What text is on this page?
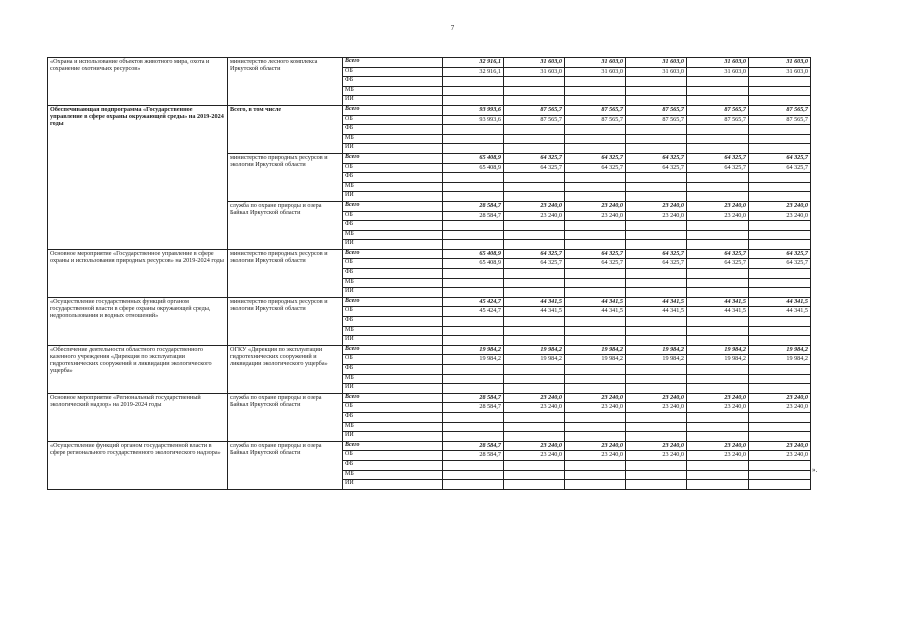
7
«Охрана и использование объектов животного мира, охота и сохранение охотничьих ресурсов»	министерство лесного комплекса Иркутской области	Всего	32 916,1	31 603,0	31 603,0	31 603,0	31 603,0	31 603,0
		ОБ	32 916,1	31 603,0	31 603,0	31 603,0	31 603,0	31 603,0
		ФБ						
		МБ						
		ИИ						
Обеспечивающая подпрограмма «Государственное управление в сфере охраны окружающей среды» на 2019-2024 годы	Всего, в том числе	Всего	93 993,6	87 565,7	87 565,7	87 565,7	87 565,7	87 565,7
		ОБ	93 993,6	87 565,7	87 565,7	87 565,7	87 565,7	87 565,7
		ФБ						
		МБ						
		ИИ						
	министерство природных ресурсов и экологии Иркутской области	Всего	65 408,9	64 325,7	64 325,7	64 325,7	64 325,7	64 325,7
		ОБ	65 408,9	64 325,7	64 325,7	64 325,7	64 325,7	64 325,7
		ФБ						
		МБ						
		ИИ						
	служба по охране природы и озера Байкал Иркутской области	Всего	28 584,7	23 240,0	23 240,0	23 240,0	23 240,0	23 240,0
		ОБ	28 584,7	23 240,0	23 240,0	23 240,0	23 240,0	23 240,0
		ФБ						
		МБ						
		ИИ						
Основное мероприятие «Государственное управление в сфере охраны и использования природных ресурсов» на 2019-2024 годы	министерство природных ресурсов и экологии Иркутской области	Всего	65 408,9	64 325,7	64 325,7	64 325,7	64 325,7	64 325,7
		ОБ	65 408,9	64 325,7	64 325,7	64 325,7	64 325,7	64 325,7
		ФБ						
		МБ						
		ИИ						
«Осуществление государственных функций органом государственной власти в сфере охраны окружающей среды, недропользования и водных отношений»	министерство природных ресурсов и экологии Иркутской области	Всего	45 424,7	44 341,5	44 341,5	44 341,5	44 341,5	44 341,5
		ОБ	45 424,7	44 341,5	44 341,5	44 341,5	44 341,5	44 341,5
		ФБ						
		МБ						
		ИИ						
«Обеспечение деятельности областного государственного казенного учреждения «Дирекция по эксплуатации гидротехнических сооружений и ликвидации экологического ущерба»	ОГКУ «Дирекция по эксплуатации гидротехнических сооружений и ликвидации экологического ущерба»	Всего	19 984,2	19 984,2	19 984,2	19 984,2	19 984,2	19 984,2
		ОБ	19 984,2	19 984,2	19 984,2	19 984,2	19 984,2	19 984,2
		ФБ						
		МБ						
		ИИ						
Основное мероприятие «Региональный государственный экологический надзор» на 2019-2024 годы	служба по охране природы и озера Байкал Иркутской области	Всего	28 584,7	23 240,0	23 240,0	23 240,0	23 240,0	23 240,0
		ОБ	28 584,7	23 240,0	23 240,0	23 240,0	23 240,0	23 240,0
		ФБ						
		МБ						
		ИИ						
«Осуществление функций органом государственной власти в сфере регионального государственного экологического надзора»	служба по охране природы и озера Байкал Иркутской области	Всего	28 584,7	23 240,0	23 240,0	23 240,0	23 240,0	23 240,0
		ОБ	28 584,7	23 240,0	23 240,0	23 240,0	23 240,0	23 240,0
		ФБ						
		МБ						
		ИИ						
».
